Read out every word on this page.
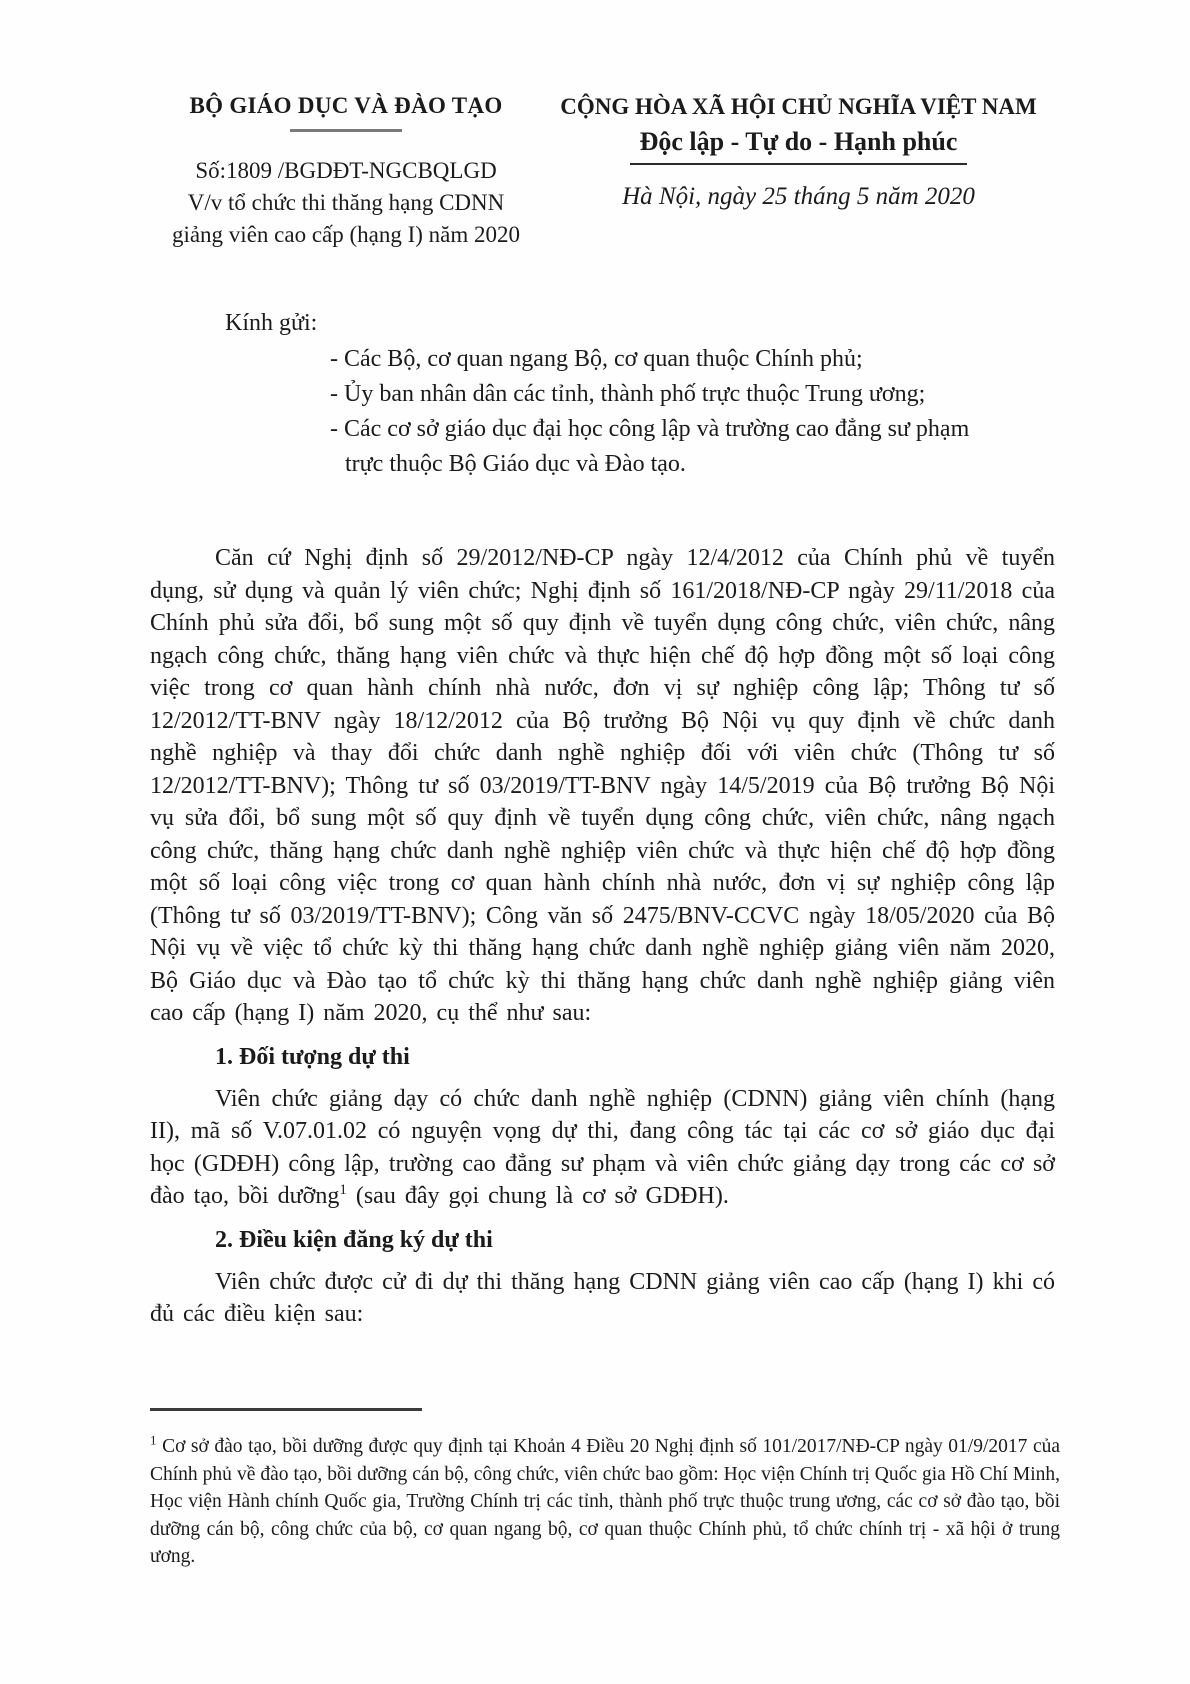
BỘ GIÁO DỤC VÀ ĐÀO TẠO
Số:1809 /BGDĐT-NGCBQLGD
V/v tổ chức thi thăng hạng CDNN
giảng viên cao cấp (hạng I) năm 2020
CỘNG HÒA XÃ HỘI CHỦ NGHĨA VIỆT NAM
Độc lập - Tự do - Hạnh phúc
Hà Nội, ngày 25 tháng 5 năm 2020
Kính gửi:
- Các Bộ, cơ quan ngang Bộ, cơ quan thuộc Chính phủ;
- Ủy ban nhân dân các tỉnh, thành phố trực thuộc Trung ương;
- Các cơ sở giáo dục đại học công lập và trường cao đẳng sư phạm trực thuộc Bộ Giáo dục và Đào tạo.

Căn cứ Nghị định số 29/2012/NĐ-CP ngày 12/4/2012 của Chính phủ về tuyển dụng, sử dụng và quản lý viên chức; Nghị định số 161/2018/NĐ-CP ngày 29/11/2018 của Chính phủ sửa đổi, bổ sung một số quy định về tuyển dụng công chức, viên chức, nâng ngạch công chức, thăng hạng viên chức và thực hiện chế độ hợp đồng một số loại công việc trong cơ quan hành chính nhà nước, đơn vị sự nghiệp công lập; Thông tư số 12/2012/TT-BNV ngày 18/12/2012 của Bộ trưởng Bộ Nội vụ quy định về chức danh nghề nghiệp và thay đổi chức danh nghề nghiệp đối với viên chức (Thông tư số 12/2012/TT-BNV); Thông tư số 03/2019/TT-BNV ngày 14/5/2019 của Bộ trưởng Bộ Nội vụ sửa đổi, bổ sung một số quy định về tuyển dụng công chức, viên chức, nâng ngạch công chức, thăng hạng chức danh nghề nghiệp viên chức và thực hiện chế độ hợp đồng một số loại công việc trong cơ quan hành chính nhà nước, đơn vị sự nghiệp công lập (Thông tư số 03/2019/TT-BNV); Công văn số 2475/BNV-CCVC ngày 18/05/2020 của Bộ Nội vụ về việc tổ chức kỳ thi thăng hạng chức danh nghề nghiệp giảng viên năm 2020, Bộ Giáo dục và Đào tạo tổ chức kỳ thi thăng hạng chức danh nghề nghiệp giảng viên cao cấp (hạng I) năm 2020, cụ thể như sau:

1. Đối tượng dự thi

Viên chức giảng dạy có chức danh nghề nghiệp (CDNN) giảng viên chính (hạng II), mã số V.07.01.02 có nguyện vọng dự thi, đang công tác tại các cơ sở giáo dục đại học (GDĐH) công lập, trường cao đẳng sư phạm và viên chức giảng dạy trong các cơ sở đào tạo, bồi dưỡng$^1$ (sau đây gọi chung là cơ sở GDĐH).

2. Điều kiện đăng ký dự thi

Viên chức được cử đi dự thi thăng hạng CDNN giảng viên cao cấp (hạng I) khi có đủ các điều kiện sau:

$^1$ Cơ sở đào tạo, bồi dưỡng được quy định tại Khoản 4 Điều 20 Nghị định số 101/2017/NĐ-CP ngày 01/9/2017 của Chính phủ về đào tạo, bồi dưỡng cán bộ, công chức, viên chức bao gồm: Học viện Chính trị Quốc gia Hồ Chí Minh, Học viện Hành chính Quốc gia, Trường Chính trị các tỉnh, thành phố trực thuộc trung ương, các cơ sở đào tạo, bồi dưỡng cán bộ, công chức của bộ, cơ quan ngang bộ, cơ quan thuộc Chính phủ, tổ chức chính trị - xã hội ở trung ương.
